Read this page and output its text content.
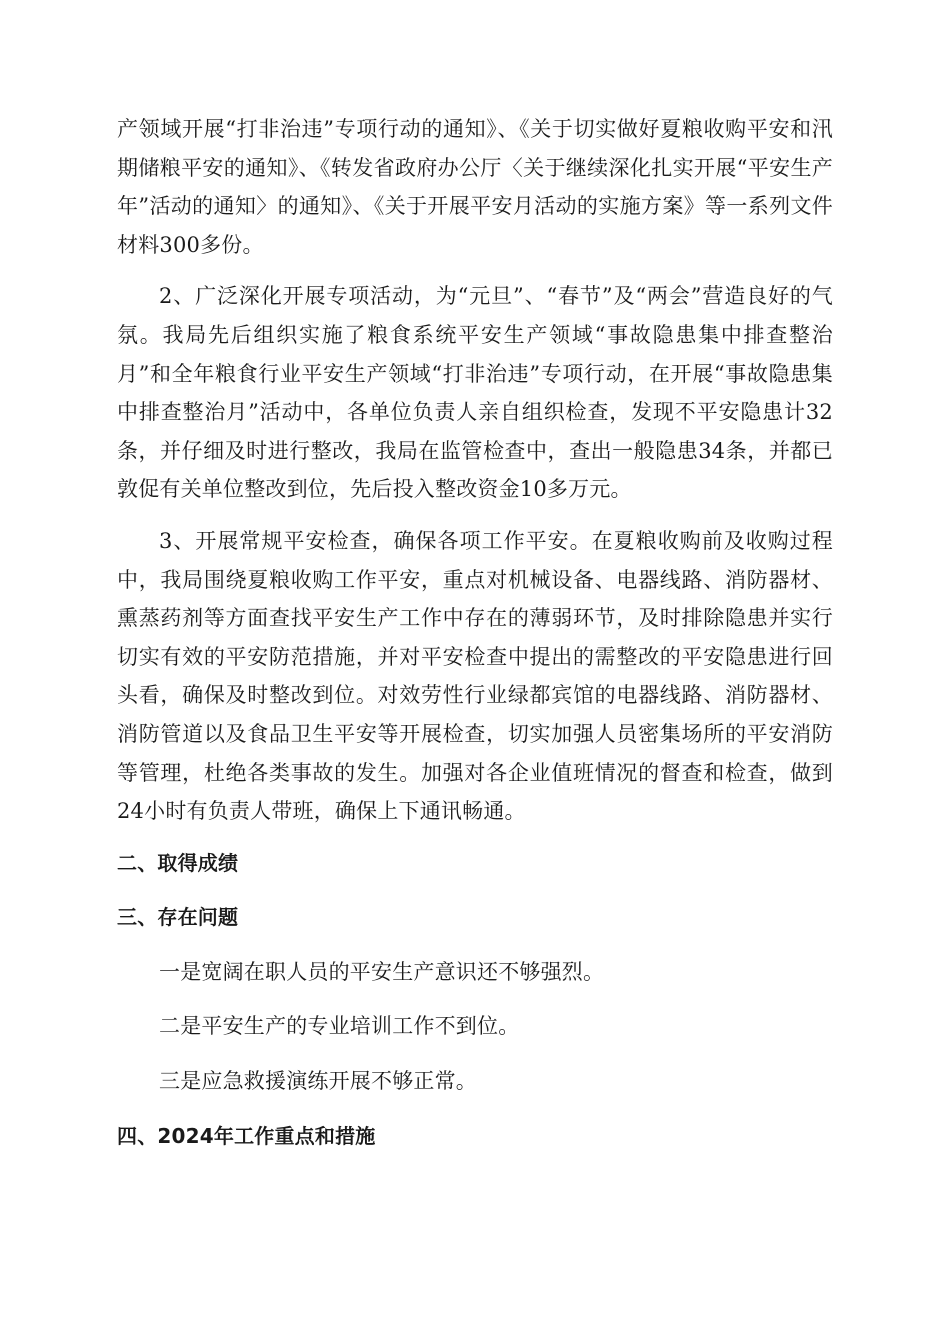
产领域开展“打非治违”专项行动的通知》、《关于切实做好夏粮收购平安和汛期储粮平安的通知》、《转发省政府办公厅〈关于继续深化扎实开展“平安生产年”活动的通知〉的通知》、《关于开展平安月活动的实施方案》等一系列文件材料300多份。

2、广泛深化开展专项活动，为“元旦”、“春节”及“两会”营造良好的气氛。我局先后组织实施了粮食系统平安生产领域“事故隐患集中排查整治月”和全年粮食行业平安生产领域“打非治违”专项行动，在开展“事故隐患集中排查整治月”活动中，各单位负责人亲自组织检查，发现不平安隐患计32条，并仔细及时进行整改，我局在监管检查中，查出一般隐患34条，并都已敦促有关单位整改到位，先后投入整改资金10多万元。

3、开展常规平安检查，确保各项工作平安。在夏粮收购前及收购过程中，我局围绕夏粮收购工作平安，重点对机械设备、电器线路、消防器材、熏蒸药剂等方面查找平安生产工作中存在的薄弱环节，及时排除隐患并实行切实有效的平安防范措施，并对平安检查中提出的需整改的平安隐患进行回头看，确保及时整改到位。对效劳性行业绿都宾馆的电器线路、消防器材、消防管道以及食品卫生平安等开展检查，切实加强人员密集场所的平安消防等管理，杜绝各类事故的发生。加强对各企业值班情况的督查和检查，做到24小时有负责人带班，确保上下通讯畅通。

二、取得成绩
三、存在问题

一是宽阔在职人员的平安生产意识还不够强烈。

二是平安生产的专业培训工作不到位。

三是应急救援演练开展不够正常。

四、2024年工作重点和措施
